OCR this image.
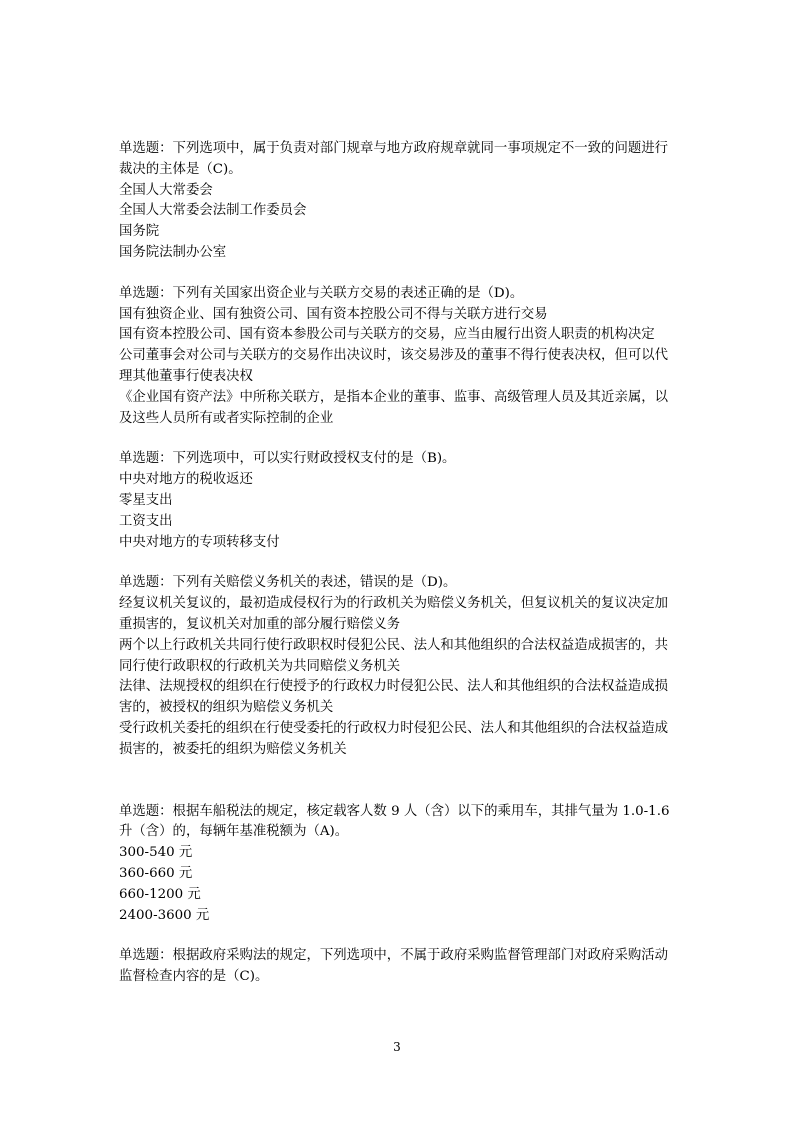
单选题：下列选项中，属于负责对部门规章与地方政府规章就同一事项规定不一致的问题进行裁决的主体是（C)。

全国人大常委会

全国人大常委会法制工作委员会

国务院

国务院法制办公室

单选题：下列有关国家出资企业与关联方交易的表述正确的是（D)。

国有独资企业、国有独资公司、国有资本控股公司不得与关联方进行交易

国有资本控股公司、国有资本参股公司与关联方的交易，应当由履行出资人职责的机构决定

公司董事会对公司与关联方的交易作出决议时，该交易涉及的董事不得行使表决权，但可以代理其他董事行使表决权

《企业国有资产法》中所称关联方，是指本企业的董事、监事、高级管理人员及其近亲属，以及这些人员所有或者实际控制的企业

单选题：下列选项中，可以实行财政授权支付的是（B)。

中央对地方的税收返还

零星支出

工资支出

中央对地方的专项转移支付

单选题：下列有关赔偿义务机关的表述，错误的是（D)。

经复议机关复议的，最初造成侵权行为的行政机关为赔偿义务机关，但复议机关的复议决定加重损害的，复议机关对加重的部分履行赔偿义务

两个以上行政机关共同行使行政职权时侵犯公民、法人和其他组织的合法权益造成损害的，共同行使行政职权的行政机关为共同赔偿义务机关

法律、法规授权的组织在行使授予的行政权力时侵犯公民、法人和其他组织的合法权益造成损害的，被授权的组织为赔偿义务机关

受行政机关委托的组织在行使受委托的行政权力时侵犯公民、法人和其他组织的合法权益造成损害的，被委托的组织为赔偿义务机关

单选题：根据车船税法的规定，核定载客人数 9 人（含）以下的乘用车，其排气量为 1.0-1.6 升（含）的，每辆年基准税额为（A)。

300-540 元

360-660 元

660-1200 元

2400-3600 元

单选题：根据政府采购法的规定，下列选项中，不属于政府采购监督管理部门对政府采购活动监督检查内容的是（C)。

3
